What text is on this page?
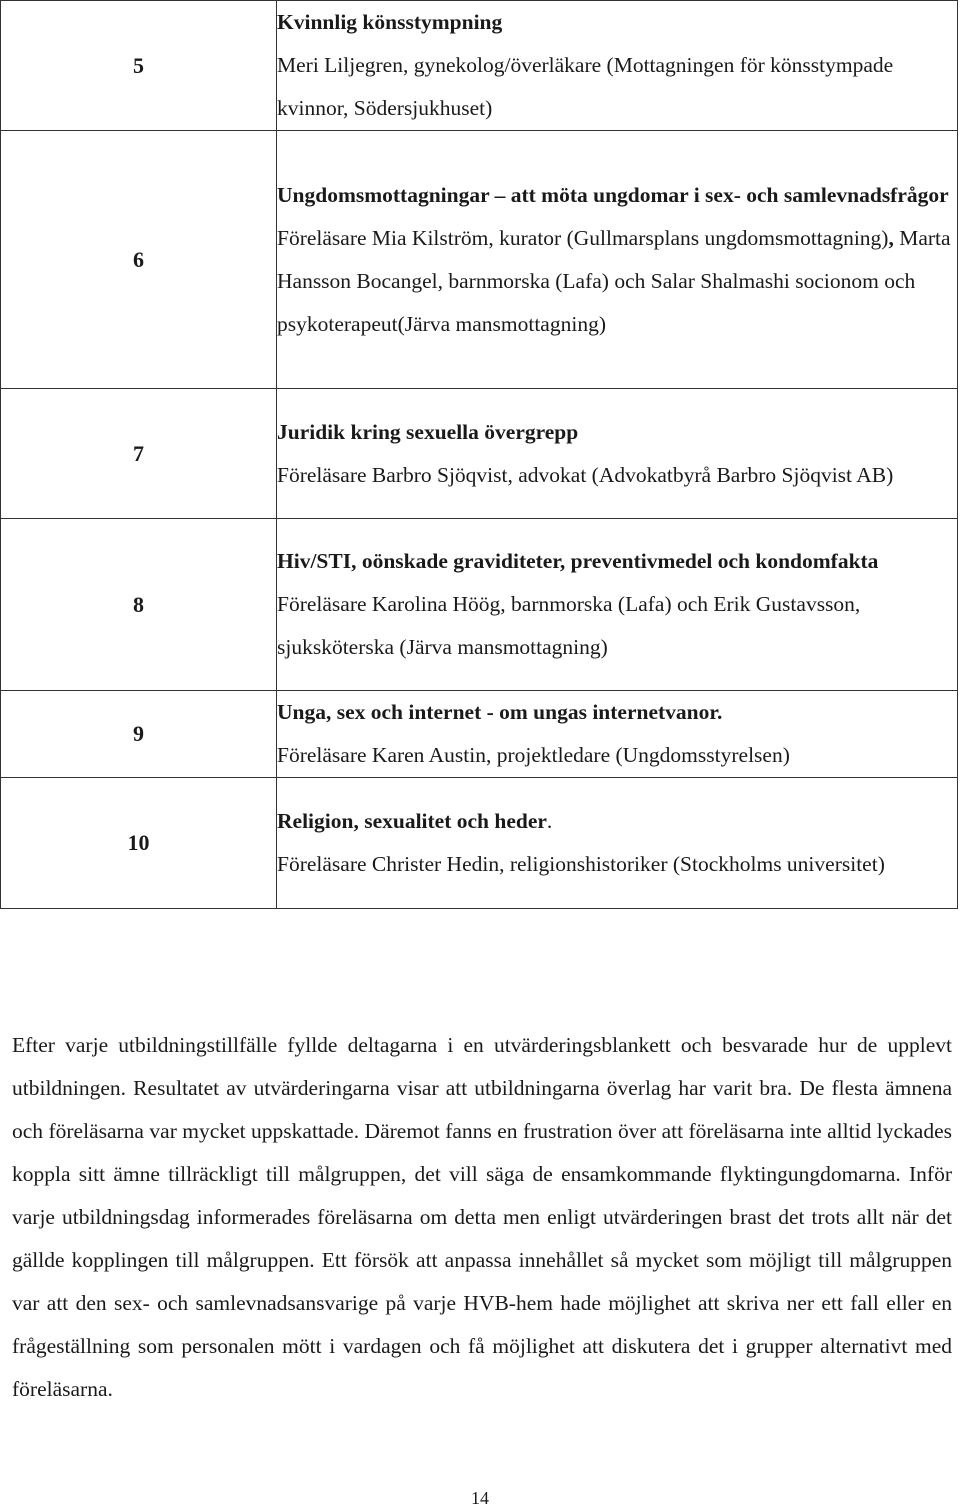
5	Kvinnlig könsstympning
Meri Liljegren, gynekolog/överläkare (Mottagningen för könsstympade kvinnor, Södersjukhuset)

6	Ungdomsmottagningar – att möta ungdomar i sex- och samlevnadsfrågor
Föreläsare Mia Kilström, kurator (Gullmarsplans ungdomsmottagning), Marta Hansson Bocangel, barnmorska (Lafa) och Salar Shalmashi socionom och psykoterapeut(Järva mansmottagning)

7	Juridik kring sexuella övergrepp
Föreläsare Barbro Sjöqvist, advokat (Advokatbyrå Barbro Sjöqvist AB)

8	Hiv/STI, oönskade graviditeter, preventivmedel och kondomfakta
Föreläsare Karolina Höög, barnmorska (Lafa) och Erik Gustavsson, sjuksköterska (Järva mansmottagning)

9	Unga, sex och internet - om ungas internetvanor.
Föreläsare Karen Austin, projektledare (Ungdomsstyrelsen)

10	Religion, sexualitet och heder.
Föreläsare Christer Hedin, religionshistoriker (Stockholms universitet)

Efter varje utbildningstillfälle fyllde deltagarna i en utvärderingsblankett och besvarade hur de upplevt utbildningen. Resultatet av utvärderingarna visar att utbildningarna överlag har varit bra. De flesta ämnena och föreläsarna var mycket uppskattade. Däremot fanns en frustration över att föreläsarna inte alltid lyckades koppla sitt ämne tillräckligt till målgruppen, det vill säga de ensamkommande flyktingungdomarna. Inför varje utbildningsdag informerades föreläsarna om detta men enligt utvärderingen brast det trots allt när det gällde kopplingen till målgruppen. Ett försök att anpassa innehållet så mycket som möjligt till målgruppen var att den sex- och samlevnadsansvarige på varje HVB-hem hade möjlighet att skriva ner ett fall eller en frågeställning som personalen mött i vardagen och få möjlighet att diskutera det i grupper alternativt med föreläsarna.

14
